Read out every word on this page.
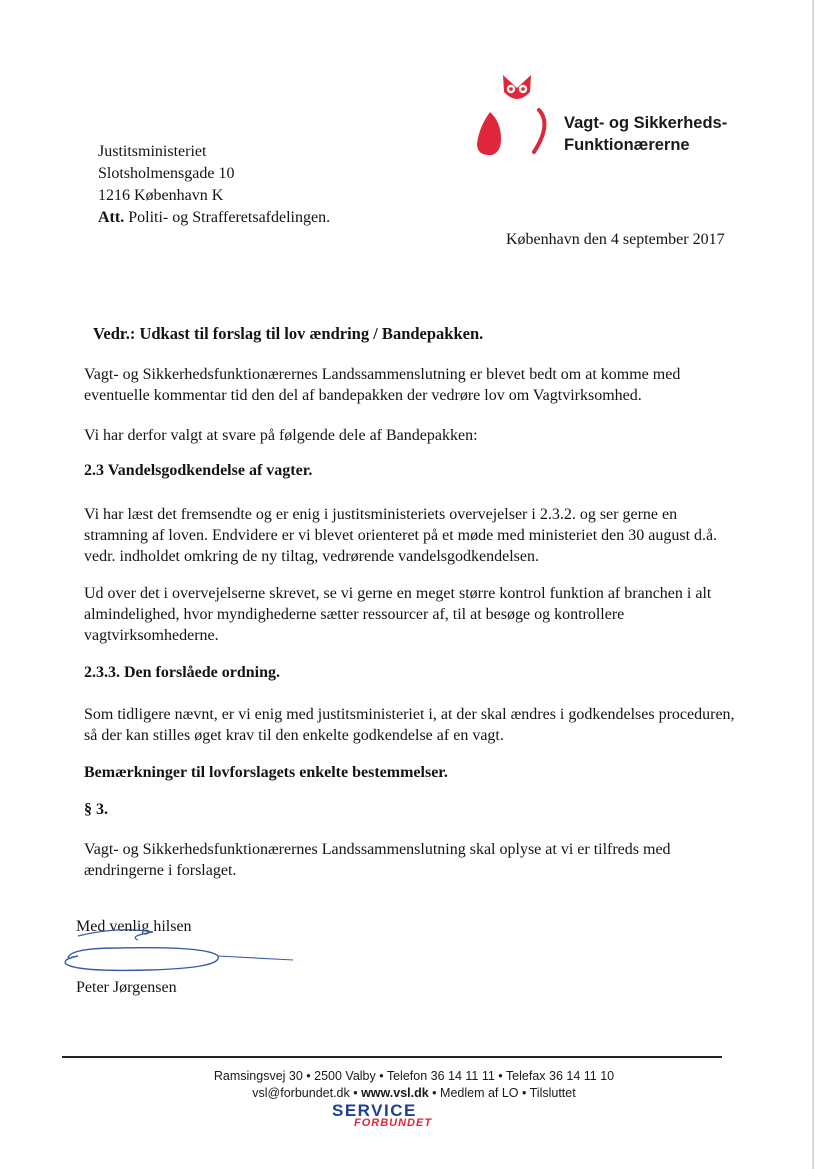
Vagt- og Sikkerheds-
Funktionærerne
Justitsministeriet
Slotsholmensgade 10
1216 København K
Att. Politi- og Strafferetsafdelingen.
København den 4 september 2017
Vedr.: Udkast til forslag til lov ændring / Bandepakken.

Vagt- og Sikkerhedsfunktionærernes Landssammenslutning er blevet bedt om at komme med eventuelle kommentar tid den del af bandepakken der vedrøre lov om Vagtvirksomhed.

Vi har derfor valgt at svare på følgende dele af Bandepakken:

2.3 Vandelsgodkendelse af vagter.

Vi har læst det fremsendte og er enig i justitsministeriets overvejelser i 2.3.2. og ser gerne en stramning af loven. Endvidere er vi blevet orienteret på et møde med ministeriet den 30 august d.å. vedr. indholdet omkring de ny tiltag, vedrørende vandelsgodkendelsen.

Ud over det i overvejelserne skrevet, se vi gerne en meget større kontrol funktion af branchen i alt almindelighed, hvor myndighederne sætter ressourcer af, til at besøge og kontrollere vagtvirksomhederne.

2.3.3. Den forslåede ordning.

Som tidligere nævnt, er vi enig med justitsministeriet i, at der skal ændres i godkendelses proceduren, så der kan stilles øget krav til den enkelte godkendelse af en vagt.

Bemærkninger til lovforslagets enkelte bestemmelser.

§ 3.

Vagt- og Sikkerhedsfunktionærernes Landssammenslutning skal oplyse at vi er tilfreds med ændringerne i forslaget.

Med venlig hilsen
Peter Jørgensen
Ramsingsvej 30 • 2500 Valby • Telefon 36 14 11 11 • Telefax 36 14 11 10
vsl@forbundet.dk • www.vsl.dk • Medlem af LO • Tilsluttet
SERVICE
FORBUNDET
